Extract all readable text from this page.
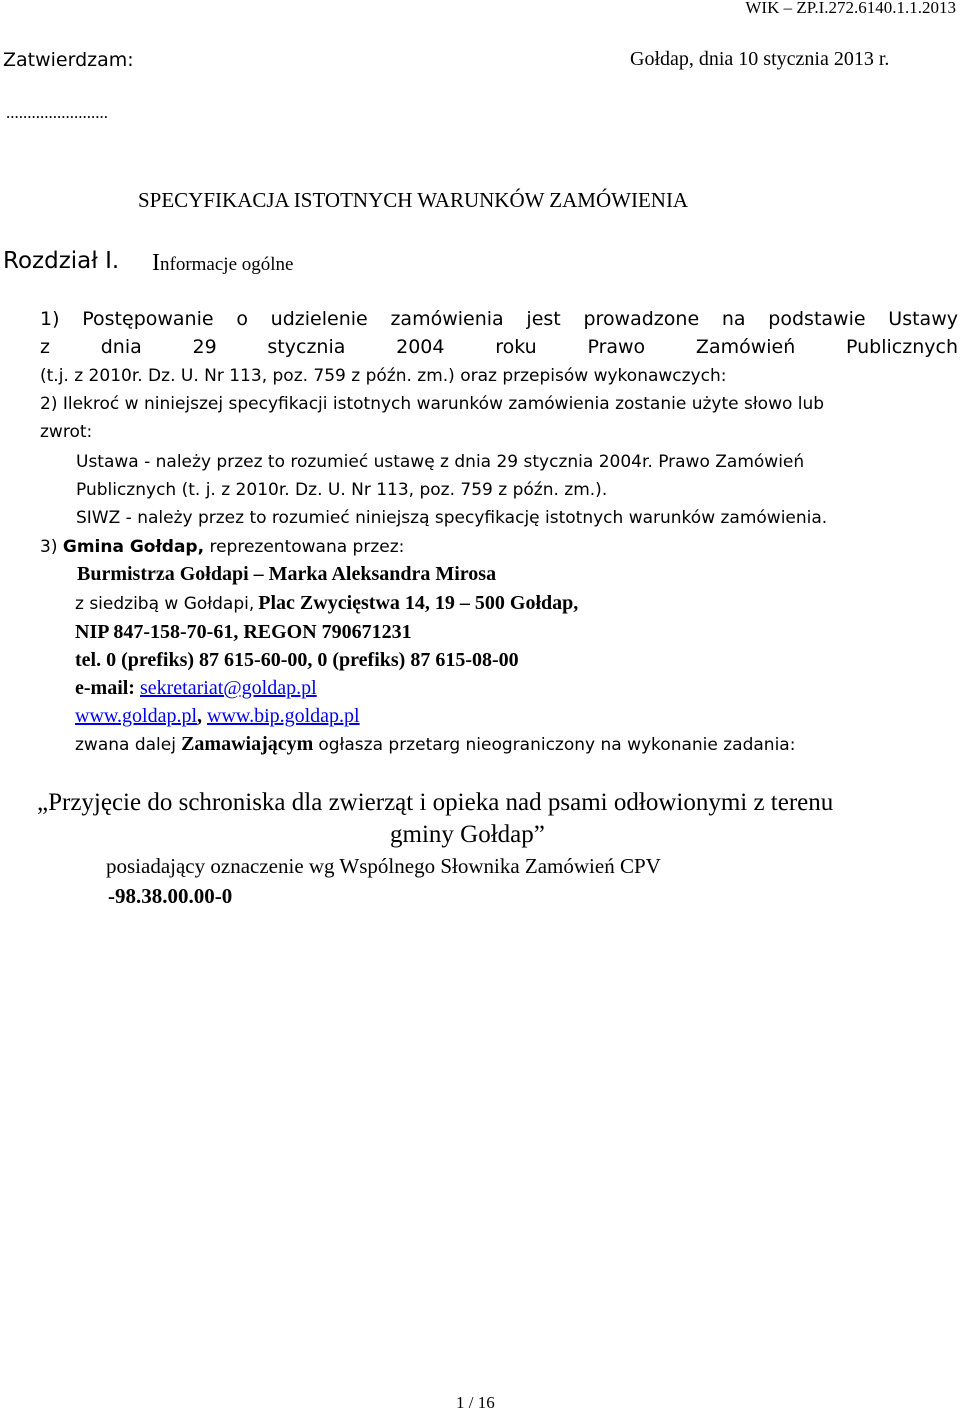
WIK – ZP.I.272.6140.1.1.2013
Zatwierdzam:	Gołdap, dnia 10 stycznia 2013 r.
........................
SPECYFIKACJA ISTOTNYCH WARUNKÓW ZAMÓWIENIA
Rozdział I. Informacje ogólne
1) Postępowanie o udzielenie zamówienia jest prowadzone na podstawie Ustawy
z dnia 29 stycznia 2004 roku Prawo Zamówień Publicznych
(t.j. z 2010r. Dz. U. Nr 113, poz. 759 z późn. zm.) oraz przepisów wykonawczych:
2) Ilekroć w niniejszej specyfikacji istotnych warunków zamówienia zostanie użyte słowo lub
zwrot:
Ustawa - należy przez to rozumieć ustawę z dnia 29 stycznia 2004r. Prawo Zamówień
Publicznych (t. j. z 2010r. Dz. U. Nr 113, poz. 759 z późn. zm.).
SIWZ - należy przez to rozumieć niniejszą specyfikację istotnych warunków zamówienia.
3) Gmina Gołdap, reprezentowana przez:
Burmistrza Gołdapi – Marka Aleksandra Mirosa
z siedzibą w Gołdapi, Plac Zwycięstwa 14, 19 – 500 Gołdap,
NIP 847-158-70-61, REGON 790671231
tel. 0 (prefiks) 87 615-60-00, 0 (prefiks) 87 615-08-00
e-mail: sekretariat@goldap.pl
www.goldap.pl, www.bip.goldap.pl
zwana dalej Zamawiającym ogłasza przetarg nieograniczony na wykonanie zadania:
„Przyjęcie do schroniska dla zwierząt i opieka nad psami odłowionymi z terenu
gminy Gołdap”
posiadający oznaczenie wg Wspólnego Słownika Zamówień CPV
-98.38.00.00-0
1 / 16
